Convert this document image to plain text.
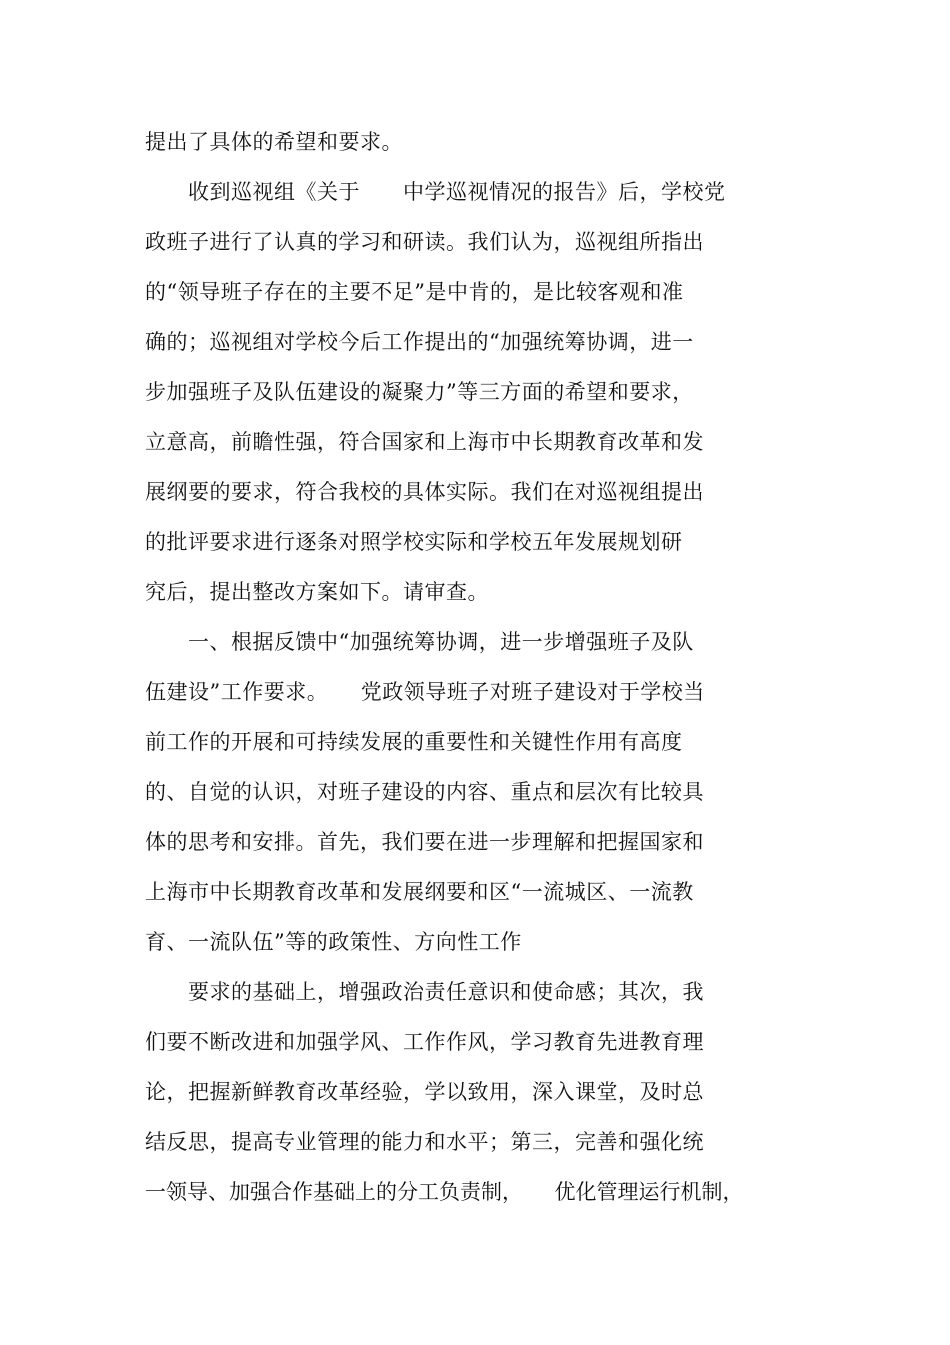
提出了具体的希望和要求。
　　收到巡视组《关于　　中学巡视情况的报告》后，学校党
政班子进行了认真的学习和研读。我们认为，巡视组所指出
的“领导班子存在的主要不足”是中肯的，是比较客观和准
确的；巡视组对学校今后工作提出的“加强统筹协调，进一
步加强班子及队伍建设的凝聚力”等三方面的希望和要求，
立意高，前瞻性强，符合国家和上海市中长期教育改革和发
展纲要的要求，符合我校的具体实际。我们在对巡视组提出
的批评要求进行逐条对照学校实际和学校五年发展规划研
究后，提出整改方案如下。请审查。
　　一、根据反馈中“加强统筹协调，进一步增强班子及队
伍建设”工作要求。　　党政领导班子对班子建设对于学校当
前工作的开展和可持续发展的重要性和关键性作用有高度
的、自觉的认识，对班子建设的内容、重点和层次有比较具
体的思考和安排。首先，我们要在进一步理解和把握国家和
上海市中长期教育改革和发展纲要和区“一流城区、一流教
育、一流队伍”等的政策性、方向性工作
　　要求的基础上，增强政治责任意识和使命感；其次，我
们要不断改进和加强学风、工作作风，学习教育先进教育理
论，把握新鲜教育改革经验，学以致用，深入课堂，及时总
结反思，提高专业管理的能力和水平；第三，完善和强化统
一领导、加强合作基础上的分工负责制，　　优化管理运行机制，
